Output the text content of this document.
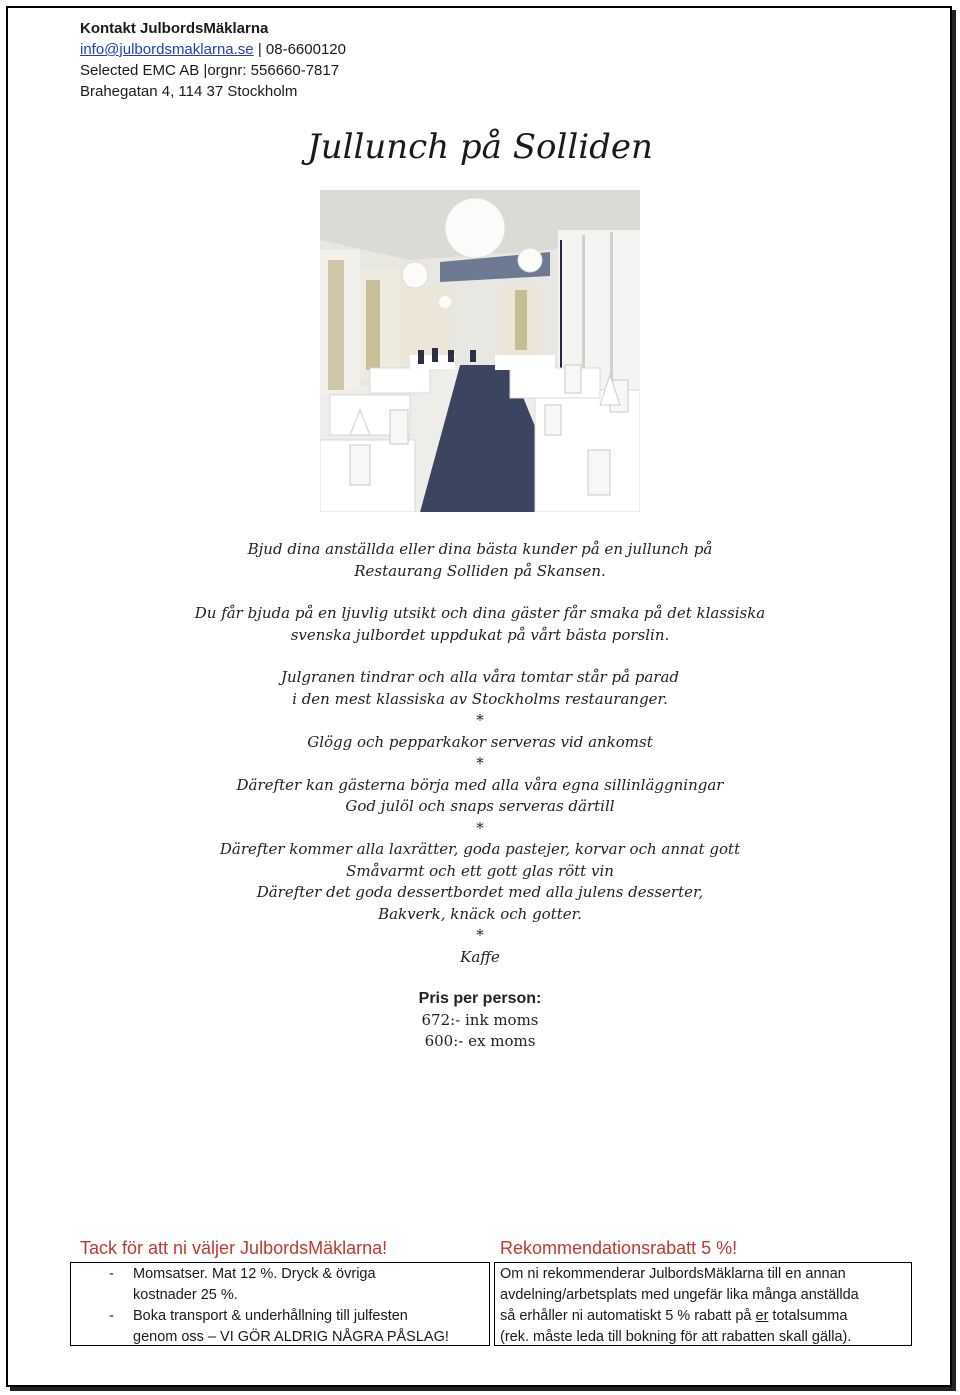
Kontakt JulbordsMäklarna
info@julbordsmaklarna.se | 08-6600120
Selected EMC AB |orgnr: 556660-7817
Brahegatan 4, 114 37 Stockholm
Jullunch på Solliden
Bjud dina anställda eller dina bästa kunder på en jullunch på
Restaurang Solliden på Skansen.
Du får bjuda på en ljuvlig utsikt och dina gäster får smaka på det klassiska
svenska julbordet uppdukat på vårt bästa porslin.
Julgranen tindrar och alla våra tomtar står på parad
i den mest klassiska av Stockholms restauranger.
*
Glögg och pepparkakor serveras vid ankomst
*
Därefter kan gästerna börja med alla våra egna sillinläggningar
God julöl och snaps serveras därtill
*
Därefter kommer alla laxrätter, goda pastejer, korvar och annat gott
Småvarmt och ett gott glas rött vin
Därefter det goda dessertbordet med alla julens desserter,
Bakverk, knäck och gotter.
*
Kaffe
Pris per person:
672:- ink moms
600:- ex moms
Tack för att ni väljer JulbordsMäklarna!	Rekommendationsrabatt 5 %!
- Momsatser. Mat 12 %. Dryck & övriga
kostnader 25 %.
- Boka transport & underhållning till julfesten
genom oss – VI GÖR ALDRIG NÅGRA PÅSLAG!
Om ni rekommenderar JulbordsMäklarna till en annan
avdelning/arbetsplats med ungefär lika många anställda
så erhåller ni automatiskt 5 % rabatt på er totalsumma
(rek. måste leda till bokning för att rabatten skall gälla).
